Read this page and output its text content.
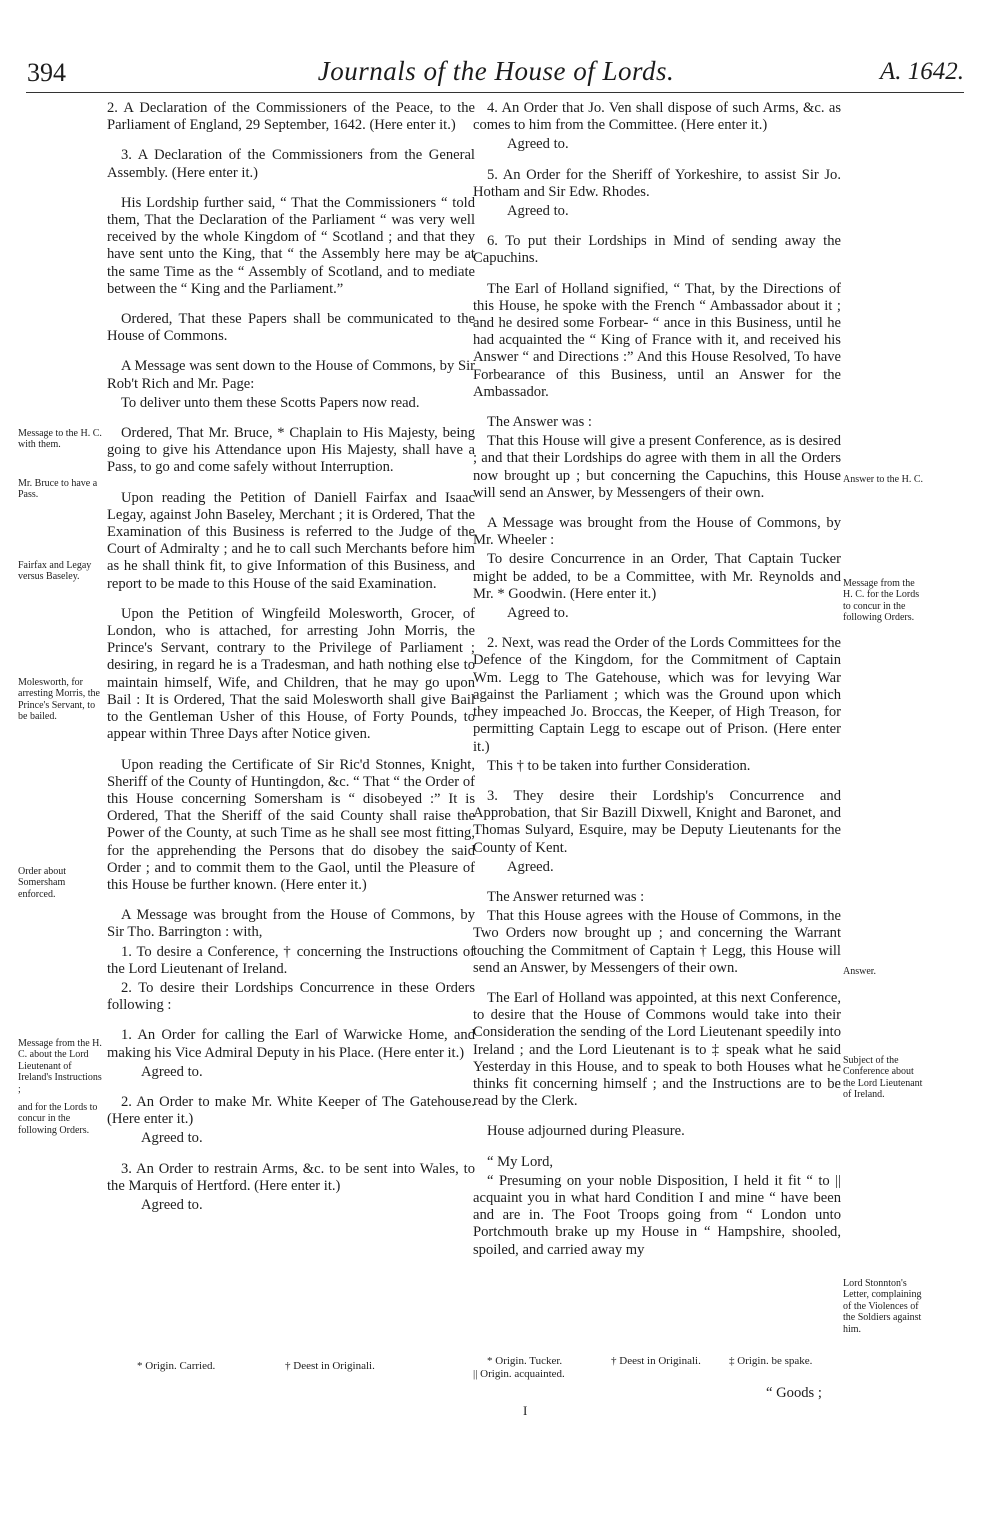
394	Journals of the House of Lords.	A. 1642.

2. A Declaration of the Commissioners of the Peace, to the Parliament of England, 29 September, 1642. (Here enter it.)

3. A Declaration of the Commissioners from the General Assembly. (Here enter it.)

His Lordship further said, “ That the Commissioners “ told them, That the Declaration of the Parliament “ was very well received by the whole Kingdom of “ Scotland ; and that they have sent unto the King, that “ the Assembly here may be at the same Time as the “ Assembly of Scotland, and to mediate between the “ King and the Parliament.”

Ordered, That these Papers shall be communicated to the House of Commons.

A Message was sent down to the House of Commons, by Sir Rob't Rich and Mr. Page:

To deliver unto them these Scotts Papers now read.

Ordered, That Mr. Bruce, * Chaplain to His Majesty, being going to give his Attendance upon His Majesty, shall have a Pass, to go and come safely without Interruption.

Upon reading the Petition of Daniell Fairfax and Isaac Legay, against John Baseley, Merchant ; it is Ordered, That the Examination of this Business is referred to the Judge of the Court of Admiralty ; and he to call such Merchants before him as he shall think fit, to give Information of this Business, and report to be made to this House of the said Examination.

Upon the Petition of Wingfeild Molesworth, Grocer, of London, who is attached, for arresting John Morris, the Prince's Servant, contrary to the Privilege of Parliament ; desiring, in regard he is a Tradesman, and hath nothing else to maintain himself, Wife, and Children, that he may go upon Bail : It is Ordered, That the said Molesworth shall give Bail to the Gentleman Usher of this House, of Forty Pounds, to appear within Three Days after Notice given.

Upon reading the Certificate of Sir Ric'd Stonnes, Knight, Sheriff of the County of Huntingdon, &c. “ That “ the Order of this House concerning Somersham is “ disobeyed :” It is Ordered, That the Sheriff of the said County shall raise the Power of the County, at such Time as he shall see most fitting, for the apprehending the Persons that do disobey the said Order ; and to commit them to the Gaol, until the Pleasure of this House be further known. (Here enter it.)

A Message was brought from the House of Commons, by Sir Tho. Barrington : with,

1. To desire a Conference, † concerning the Instructions of the Lord Lieutenant of Ireland.

2. To desire their Lordships Concurrence in these Orders following :

1. An Order for calling the Earl of Warwicke Home, and making his Vice Admiral Deputy in his Place. (Here enter it.)

Agreed to.

2. An Order to make Mr. White Keeper of The Gatehouse. (Here enter it.)

Agreed to.

3. An Order to restrain Arms, &c. to be sent into Wales, to the Marquis of Hertford. (Here enter it.)

Agreed to.

4. An Order that Jo. Ven shall dispose of such Arms, &c. as comes to him from the Committee. (Here enter it.)

Agreed to.

5. An Order for the Sheriff of Yorkeshire, to assist Sir Jo. Hotham and Sir Edw. Rhodes.

Agreed to.

6. To put their Lordships in Mind of sending away the Capuchins.

The Earl of Holland signified, “ That, by the Directions of this House, he spoke with the French “ Ambassador about it ; and he desired some Forbear- “ ance in this Business, until he had acquainted the “ King of France with it, and received his Answer “ and Directions :” And this House Resolved, To have Forbearance of this Business, until an Answer for the Ambassador.

The Answer was :

That this House will give a present Conference, as is desired ; and that their Lordships do agree with them in all the Orders now brought up ; but concerning the Capuchins, this House will send an Answer, by Messengers of their own.

A Message was brought from the House of Commons, by Mr. Wheeler :

To desire Concurrence in an Order, That Captain Tucker might be added, to be a Committee, with Mr. Reynolds and Mr. * Goodwin. (Here enter it.)

Agreed to.

2. Next, was read the Order of the Lords Committees for the Defence of the Kingdom, for the Commitment of Captain Wm. Legg to The Gatehouse, which was for levying War against the Parliament ; which was the Ground upon which they impeached Jo. Broccas, the Keeper, of High Treason, for permitting Captain Legg to escape out of Prison. (Here enter it.)

This † to be taken into further Consideration.

3. They desire their Lordship's Concurrence and Approbation, that Sir Bazill Dixwell, Knight and Baronet, and Thomas Sulyard, Esquire, may be Deputy Lieutenants for the County of Kent.

Agreed.

The Answer returned was :

That this House agrees with the House of Commons, in the Two Orders now brought up ; and concerning the Warrant touching the Commitment of Captain † Legg, this House will send an Answer, by Messengers of their own.

The Earl of Holland was appointed, at this next Conference, to desire that the House of Commons would take into their Consideration the sending of the Lord Lieutenant speedily into Ireland ; and the Lord Lieutenant is to ‡ speak what he said Yesterday in this House, and to speak to both Houses what he thinks fit concerning himself ; and the Instructions are to be read by the Clerk.

House adjourned during Pleasure.

“ My Lord,

“ Presuming on your noble Disposition, I held it fit “ to || acquaint you in what hard Condition I and mine “ have been and are in. The Foot Troops going from “ London unto Portchmouth brake up my House in “ Hampshire, shooled, spoiled, and carried away my

Message to the H. C. with them.
Mr. Bruce to have a Pass.
Fairfax and Legay versus Baseley.
Molesworth, for arresting Morris, the Prince's Servant, to be bailed.
Order about Somersham enforced.
Message from the H. C. about the Lord Lieutenant of Ireland's Instructions ;
and for the Lords to concur in the following Orders.
Answer to the H. C.
Message from the H. C. for the Lords to concur in the following Orders.
Answer.
Subject of the Conference about the Lord Lieutenant of Ireland.
Lord Stonnton's Letter, complaining of the Violences of the Soldiers against him.
* Origin. Carried.	† Deest in Originali.	* Origin. Tucker.	† Deest in Originali.	‡ Origin. be spake.
|| Origin. acquainted.
“ Goods ;
I
